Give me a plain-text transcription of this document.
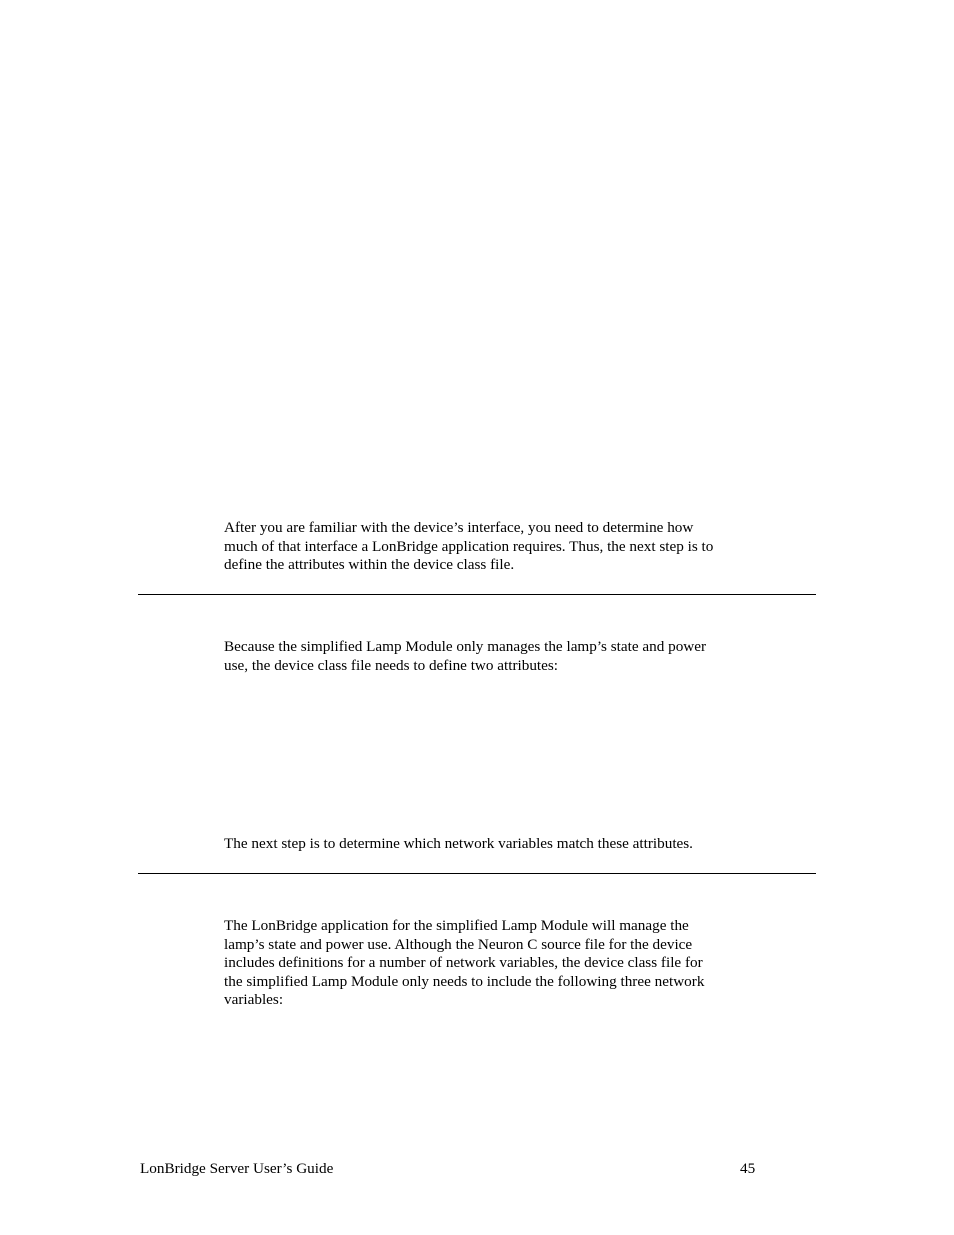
After you are familiar with the device’s interface, you need to determine how
much of that interface a LonBridge application requires. Thus, the next step is to
define the attributes within the device class file.

Because the simplified Lamp Module only manages the lamp’s state and power
use, the device class file needs to define two attributes:

The next step is to determine which network variables match these attributes.

The LonBridge application for the simplified Lamp Module will manage the
lamp’s state and power use. Although the Neuron C source file for the device
includes definitions for a number of network variables, the device class file for
the simplified Lamp Module only needs to include the following three network
variables:

LonBridge Server User’s Guide	45
